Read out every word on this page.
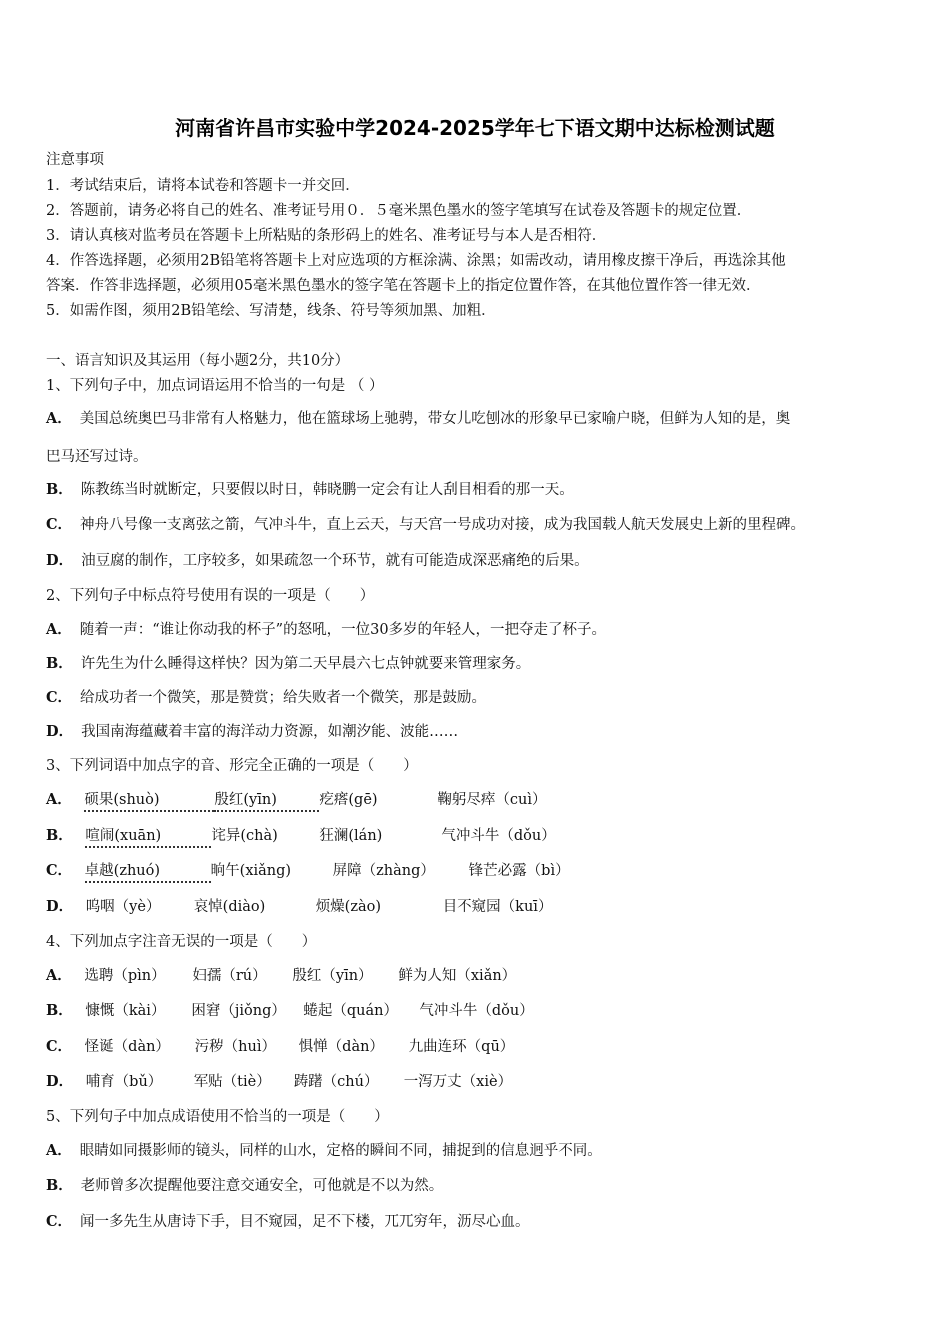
河南省许昌市实验中学2024-2025学年七下语文期中达标检测试题
注意事项
1．考试结束后，请将本试卷和答题卡一并交回．
2．答题前，请务必将自己的姓名、准考证号用０．５毫米黑色墨水的签字笔填写在试卷及答题卡的规定位置．
3．请认真核对监考员在答题卡上所粘贴的条形码上的姓名、准考证号与本人是否相符．
4．作答选择题，必须用2B铅笔将答题卡上对应选项的方框涂满、涂黑；如需改动，请用橡皮擦干净后，再选涂其他
答案．作答非选择题，必须用05毫米黑色墨水的签字笔在答题卡上的指定位置作答，在其他位置作答一律无效．
5．如需作图，须用2B铅笔绘、写清楚，线条、符号等须加黑、加粗．
一、语言知识及其运用（每小题2分，共10分）
1、下列句子中，加点词语运用不恰当的一句是 （ ）
A． 美国总统奥巴马非常有人格魅力，他在篮球场上驰骋，带女儿吃刨冰的形象早已家喻户晓，但鲜为人知的是，奥
巴马还写过诗。
B． 陈教练当时就断定，只要假以时日，韩晓鹏一定会有让人刮目相看的那一天。
C． 神舟八号像一支离弦之箭，气冲斗牛，直上云天，与天宫一号成功对接，成为我国载人航天发展史上新的里程碑。
D． 油豆腐的制作，工序较多，如果疏忽一个环节，就有可能造成深恶痛绝的后果。
2、下列句子中标点符号使用有误的一项是（　　）
A． 随着一声：“谁让你动我的杯子”的怒吼，一位30多岁的年轻人，一把夺走了杯子。
B． 许先生为什么睡得这样快？因为第二天早晨六七点钟就要来管理家务。
C． 给成功者一个微笑，那是赞赏；给失败者一个微笑，那是鼓励。
D． 我国南海蕴藏着丰富的海洋动力资源，如潮汐能、波能……
3、下列词语中加点字的音、形完全正确的一项是（　　）
A． 硕果(shuò)	殷红(yīn)	疙瘩(gē)	鞠躬尽瘁（cuì）
B． 喧闹(xuān)	诧异(chà)	狂澜(lán)	气冲斗牛（dǒu）
C． 卓越(zhuó)	晌午(xiǎng)	屏障（zhàng） 锋芒必露（bì）
D． 呜咽（yè） 哀悼(diào)	烦燥(zào)	目不窥园（kuī）
4、下列加点字注音无误的一项是（　　）
A． 选聘（pìn） 妇孺（rú） 殷红（yīn） 鲜为人知（xiǎn）
B． 慷慨（kài） 困窘（jiǒng） 蜷起（quán） 气冲斗牛（dǒu）
C． 怪诞（dàn） 污秽（huì） 惧惮（dàn） 九曲连环（qū）
D． 哺育（bǔ） 军贴（tiè） 踌躇（chú） 一泻万丈（xiè）
5、下列句子中加点成语使用不恰当的一项是（　　）
A． 眼睛如同摄影师的镜头，同样的山水，定格的瞬间不同，捕捉到的信息迥乎不同。
B． 老师曾多次提醒他要注意交通安全，可他就是不以为然。
C． 闻一多先生从唐诗下手，目不窥园，足不下楼，兀兀穷年，沥尽心血。
